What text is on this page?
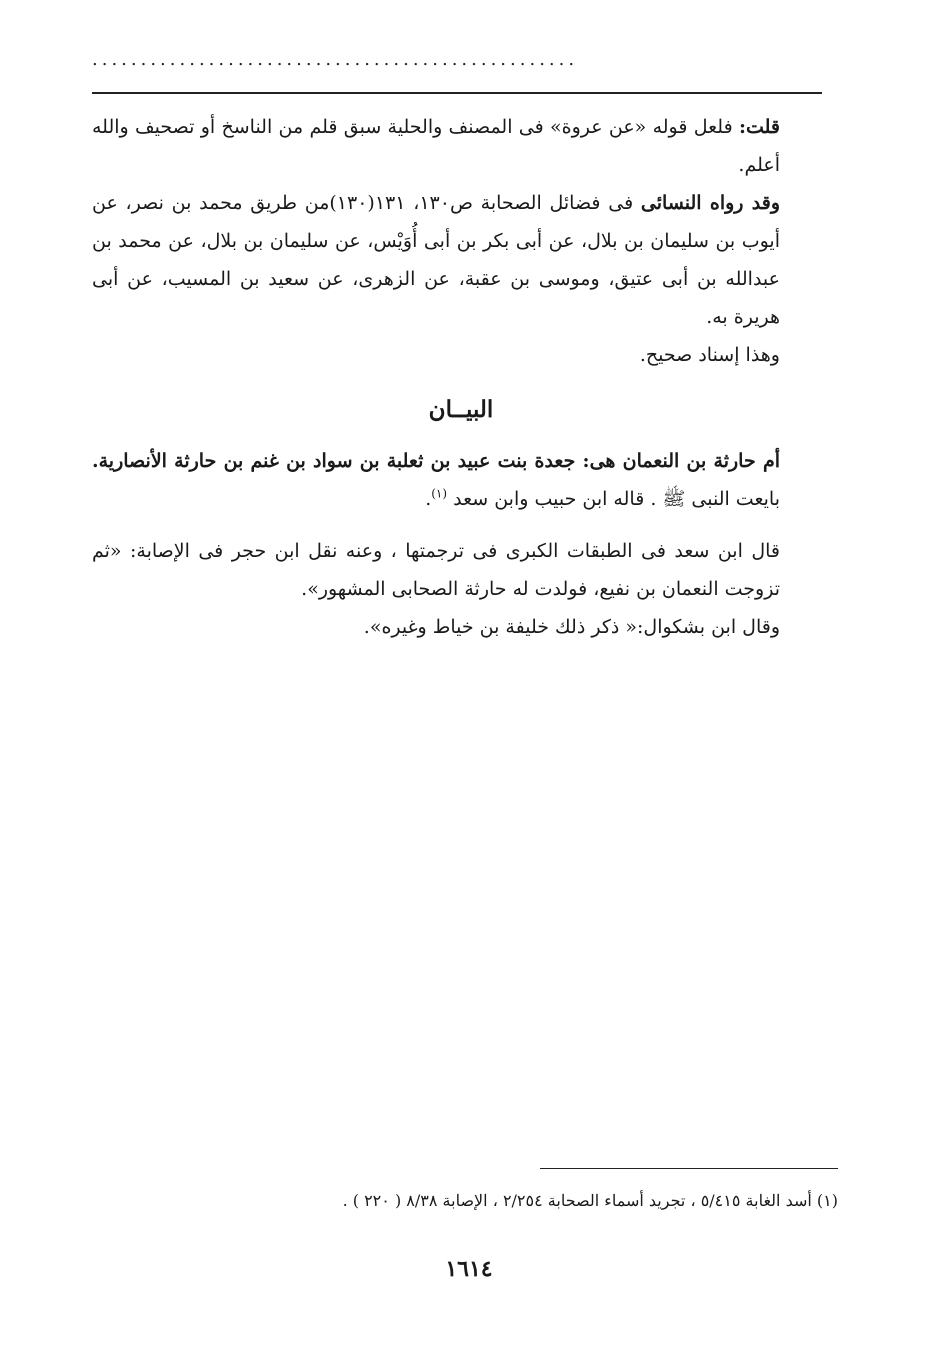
..................................................

قلت: فلعل قوله «عن عروة» فى المصنف والحلية سبق قلم من الناسخ أو تصحيف والله أعلم.

وقد رواه النسائى فى فضائل الصحابة ص١٣٠، ١٣١(١٣٠)من طريق محمد بن نصر، عن أيوب بن سليمان بن بلال، عن أبى بكر بن أبى أُوَيْس، عن سليمان بن بلال، عن محمد بن عبدالله بن أبى عتيق، وموسى بن عقبة، عن الزهرى، عن سعيد بن المسيب، عن أبى هريرة به.

وهذا إسناد صحيح.

البيــان

أم حارثة بن النعمان هى: جعدة بنت عبيد بن ثعلبة بن سواد بن غنم بن حارثة الأنصارية. بايعت النبى ﷺ . قاله ابن حبيب وابن سعد $^{(١)}$.

قال ابن سعد فى الطبقات الكبرى فى ترجمتها ، وعنه نقل ابن حجر فى الإصابة: «ثم تزوجت النعمان بن نفيع، فولدت له حارثة الصحابى المشهور».

وقال ابن بشكوال:« ذكر ذلك خليفة بن خياط وغيره».

(١) أسد الغابة ٥/٤١٥ ، تجريد أسماء الصحابة ٢/٢٥٤ ، الإصابة ٨/٣٨ ( ٢٢٠ ) .
١٦١٤
